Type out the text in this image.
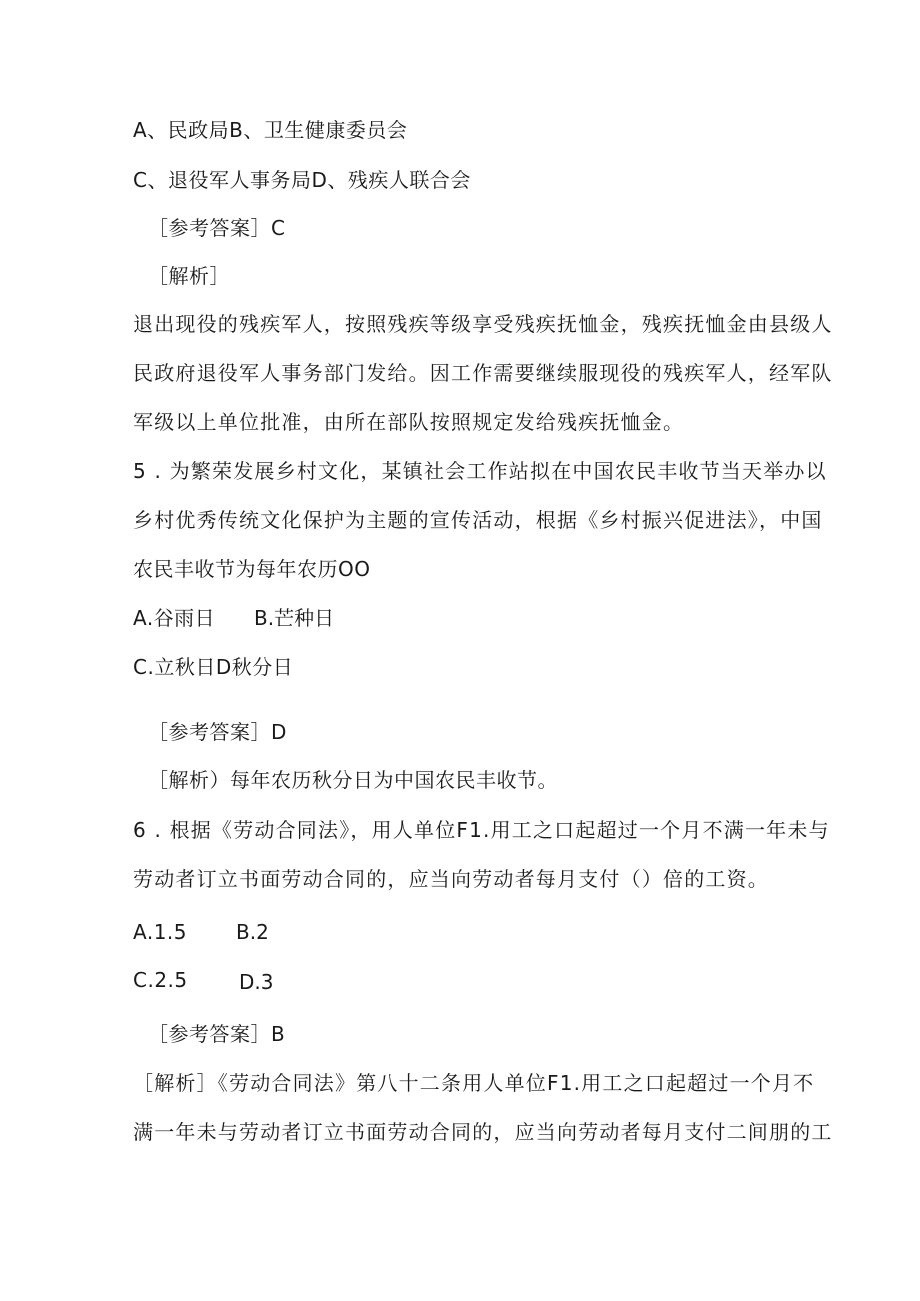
A、民政局B、卫生健康委员会
C、退役军人事务局D、残疾人联合会
［参考答案］C
［解析］
退出现役的残疾军人，按照残疾等级享受残疾抚恤金，残疾抚恤金由县级人
民政府退役军人事务部门发给。因工作需要继续服现役的残疾军人，经军队
军级以上单位批准，由所在部队按照规定发给残疾抚恤金。
5 . 为繁荣发展乡村文化，某镇社会工作站拟在中国农民丰收节当天举办以
乡村优秀传统文化保护为主题的宣传活动，根据《乡村振兴促进法》，中国
农民丰收节为每年农历OO
A.谷雨日 B.芒种日
C.立秋日D秋分日
［参考答案］D
［解析）每年农历秋分日为中国农民丰收节。
6 . 根据《劳动合同法》，用人单位F1.用工之口起超过一个月不满一年未与
劳动者订立书面劳动合同的，应当向劳动者每月支付（）倍的工资。
A.1.5 B.2
C.2.5	D.3
［参考答案］B
［解析］《劳动合同法》第八十二条用人单位F1.用工之口起超过一个月不
满一年未与劳动者订立书面劳动合同的，应当向劳动者每月支付二间朋的工
